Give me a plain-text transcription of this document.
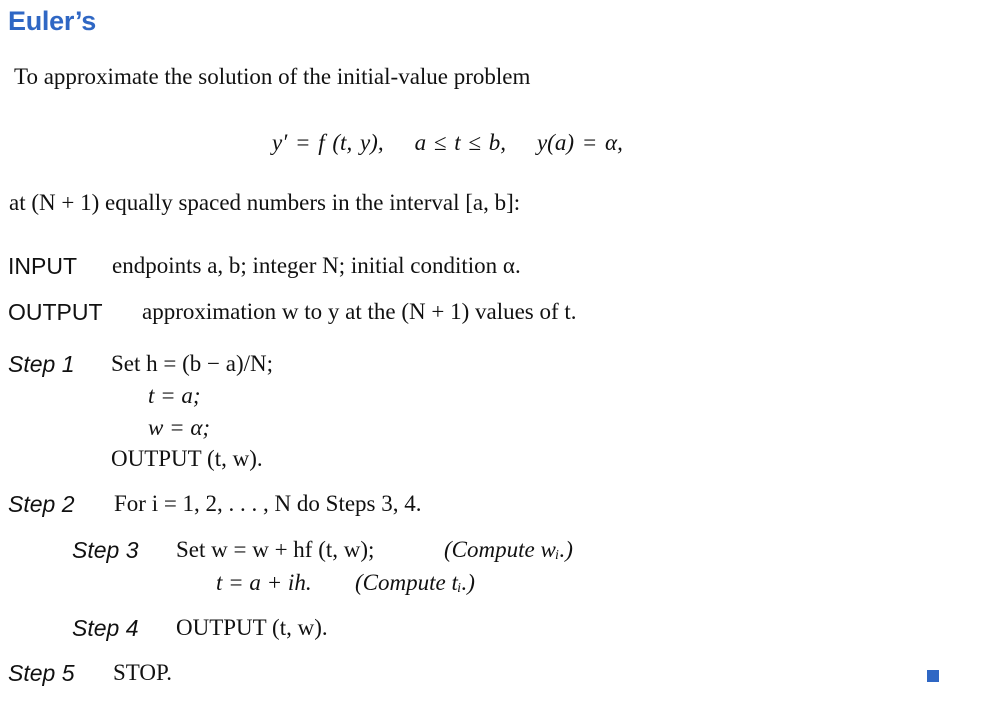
Euler’s
To approximate the solution of the initial-value problem
y′ = f (t, y),    a ≤ t ≤ b,    y(a) = α,
at (N + 1) equally spaced numbers in the interval [a, b]:
INPUT endpoints a, b; integer N; initial condition α.
OUTPUT approximation w to y at the (N + 1) values of t.
Step 1 Set h = (b − a)/N;
t = a;
w = α;
OUTPUT (t, w).
Step 2 For i = 1, 2, . . . , N do Steps 3, 4.
Step 3 Set w = w + hf (t, w);	(Compute wᵢ.)
t = a + ih. (Compute tᵢ.)
Step 4 OUTPUT (t, w).
Step 5 STOP.
